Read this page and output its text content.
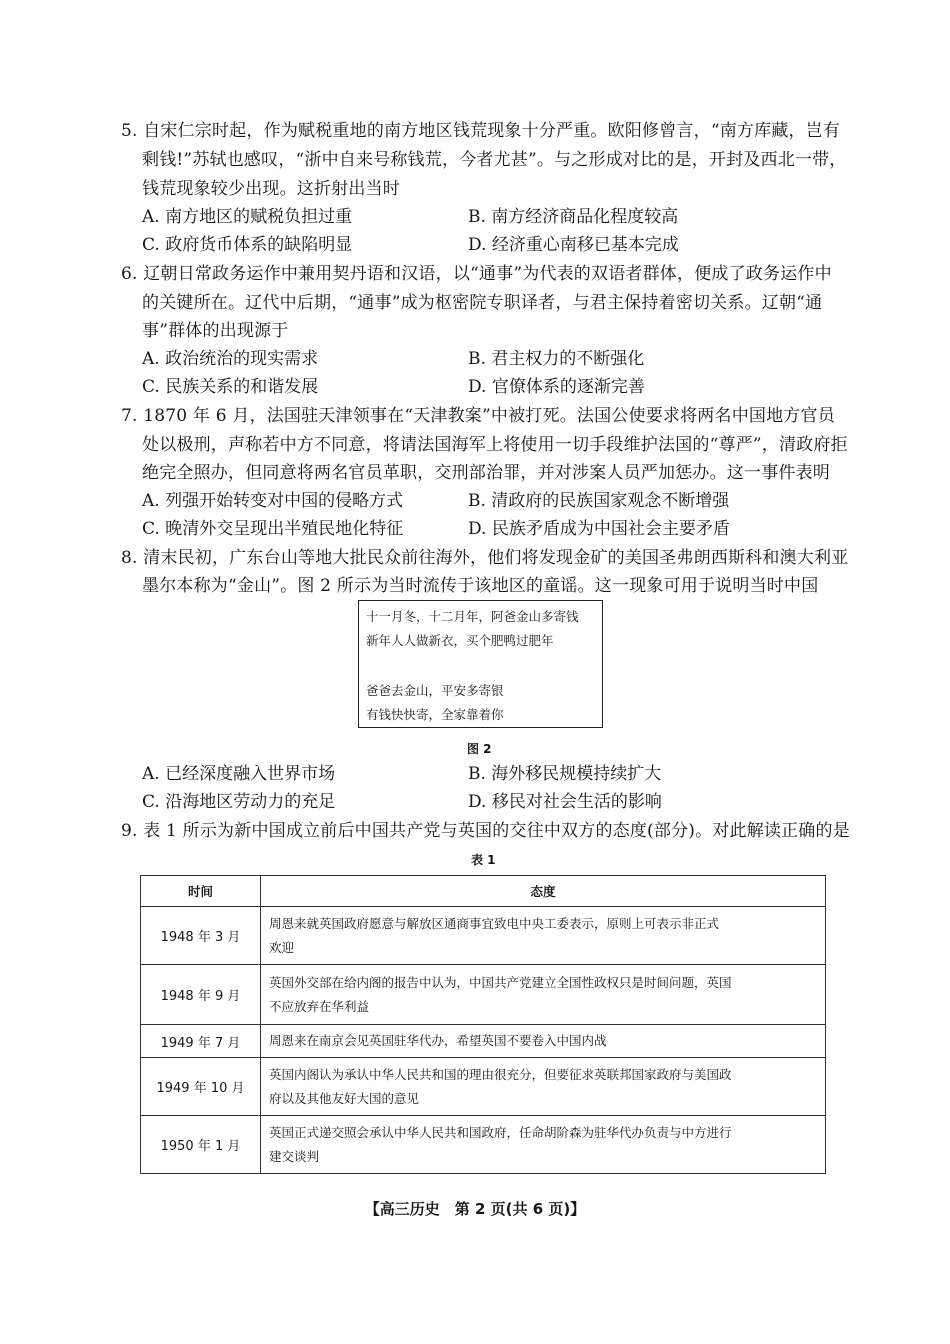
5. 自宋仁宗时起，作为赋税重地的南方地区钱荒现象十分严重。欧阳修曾言，“南方库藏，岂有
剩钱!”苏轼也感叹，“浙中自来号称钱荒，今者尤甚”。与之形成对比的是，开封及西北一带，
钱荒现象较少出现。这折射出当时
A. 南方地区的赋税负担过重	B. 南方经济商品化程度较高
C. 政府货币体系的缺陷明显	D. 经济重心南移已基本完成
6. 辽朝日常政务运作中兼用契丹语和汉语，以“通事”为代表的双语者群体，便成了政务运作中
的关键所在。辽代中后期，“通事”成为枢密院专职译者，与君主保持着密切关系。辽朝“通
事”群体的出现源于
A. 政治统治的现实需求	B. 君主权力的不断强化
C. 民族关系的和谐发展	D. 官僚体系的逐渐完善
7. 1870 年 6 月，法国驻天津领事在“天津教案”中被打死。法国公使要求将两名中国地方官员
处以极刑，声称若中方不同意，将请法国海军上将使用一切手段维护法国的“尊严”，清政府拒
绝完全照办，但同意将两名官员革职，交刑部治罪，并对涉案人员严加惩办。这一事件表明
A. 列强开始转变对中国的侵略方式	B. 清政府的民族国家观念不断增强
C. 晚清外交呈现出半殖民地化特征	D. 民族矛盾成为中国社会主要矛盾
8. 清末民初，广东台山等地大批民众前往海外，他们将发现金矿的美国圣弗朗西斯科和澳大利亚
墨尔本称为“金山”。图 2 所示为当时流传于该地区的童谣。这一现象可用于说明当时中国
十一月冬，十二月年，阿爸金山多寄钱
新年人人做新衣，买个肥鸭过肥年
爸爸去金山，平安多寄银
有钱快快寄，全家靠着你
图 2
A. 已经深度融入世界市场	B. 海外移民规模持续扩大
C. 沿海地区劳动力的充足	D. 移民对社会生活的影响
9. 表 1 所示为新中国成立前后中国共产党与英国的交往中双方的态度(部分)。对此解读正确的是
表 1
时间	态度
1948 年 3 月	周恩来就英国政府愿意与解放区通商事宜致电中央工委表示，原则上可表示非正式
欢迎

1948 年 9 月	英国外交部在给内阁的报告中认为，中国共产党建立全国性政权只是时间问题，英国
不应放弃在华利益

1949 年 7 月	周恩来在南京会见英国驻华代办，希望英国不要卷入中国内战

1949 年 10 月	英国内阁认为承认中华人民共和国的理由很充分，但要征求英联邦国家政府与美国政
府以及其他友好大国的意见

1950 年 1 月	英国正式递交照会承认中华人民共和国政府，任命胡阶森为驻华代办负责与中方进行
建交谈判
【高三历史　第 2 页(共 6 页)】
